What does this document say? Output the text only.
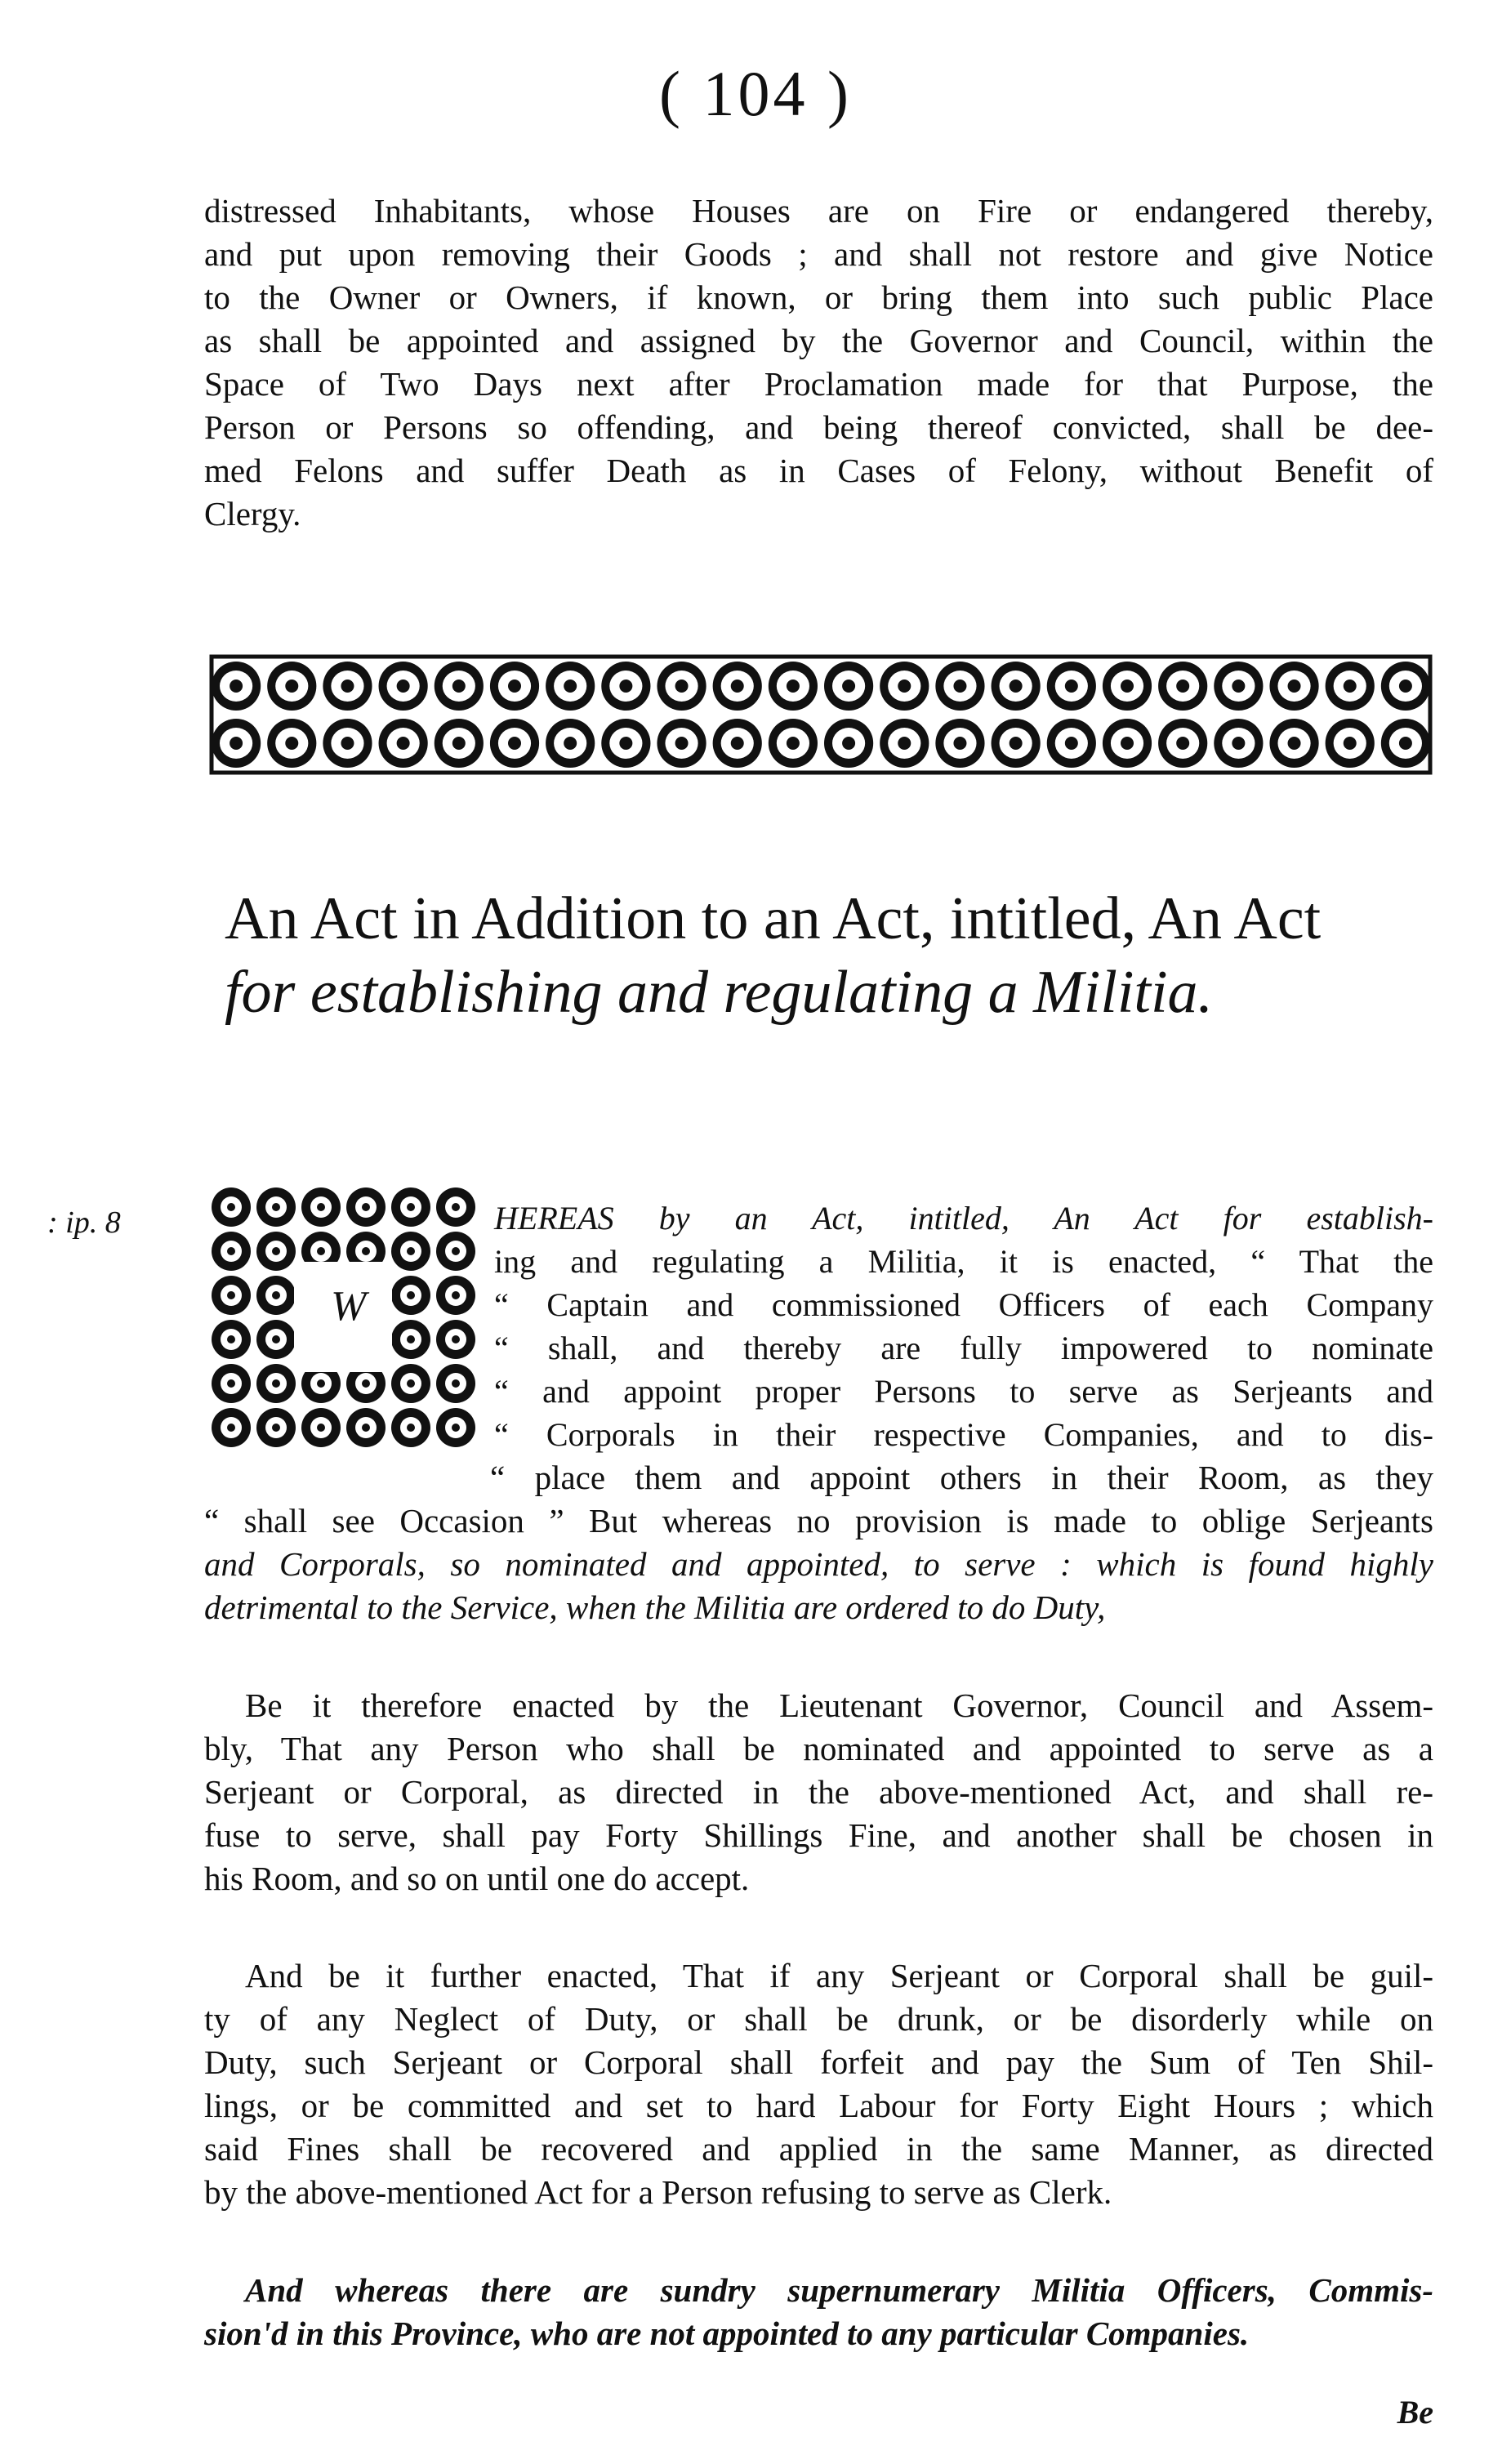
( 104 )
distressed Inhabitants, whose Houses are on Fire or endangered thereby,
and put upon removing their Goods ; and shall not restore and give Notice
to the Owner or Owners, if known, or bring them into such public Place
as shall be appointed and assigned by the Governor and Council, within the
Space of Two Days next after Proclamation made for that Purpose, the
Person or Persons so offending, and being thereof convicted, shall be dee-
med Felons and suffer Death as in Cases of Felony, without Benefit of
Clergy.
An Act in Addition to an Act, intitled, An Act
for establishing and regulating a Militia.
: ip. 8
W
HEREAS by an Act, intitled, An Act for establish-
ing and regulating a Militia, it is enacted, “ That the
“ Captain and commissioned Officers of each Company
“ shall, and thereby are fully impowered to nominate
“ and appoint proper Persons to serve as Serjeants and
“ Corporals in their respective Companies, and to dis-
“ place them and appoint others in their Room, as they
“ shall see Occasion ” But whereas no provision is made to oblige Serjeants
and Corporals, so nominated and appointed, to serve : which is found highly
detrimental to the Service, when the Militia are ordered to do Duty,
Be it therefore enacted by the Lieutenant Governor, Council and Assem-
bly, That any Person who shall be nominated and appointed to serve as a
Serjeant or Corporal, as directed in the above-mentioned Act, and shall re-
fuse to serve, shall pay Forty Shillings Fine, and another shall be chosen in
his Room, and so on until one do accept.
And be it further enacted, That if any Serjeant or Corporal shall be guil-
ty of any Neglect of Duty, or shall be drunk, or be disorderly while on
Duty, such Serjeant or Corporal shall forfeit and pay the Sum of Ten Shil-
lings, or be committed and set to hard Labour for Forty Eight Hours ; which
said Fines shall be recovered and applied in the same Manner, as directed
by the above-mentioned Act for a Person refusing to serve as Clerk.
And whereas there are sundry supernumerary Militia Officers, Commis-
sion'd in this Province, who are not appointed to any particular Companies.
Be
